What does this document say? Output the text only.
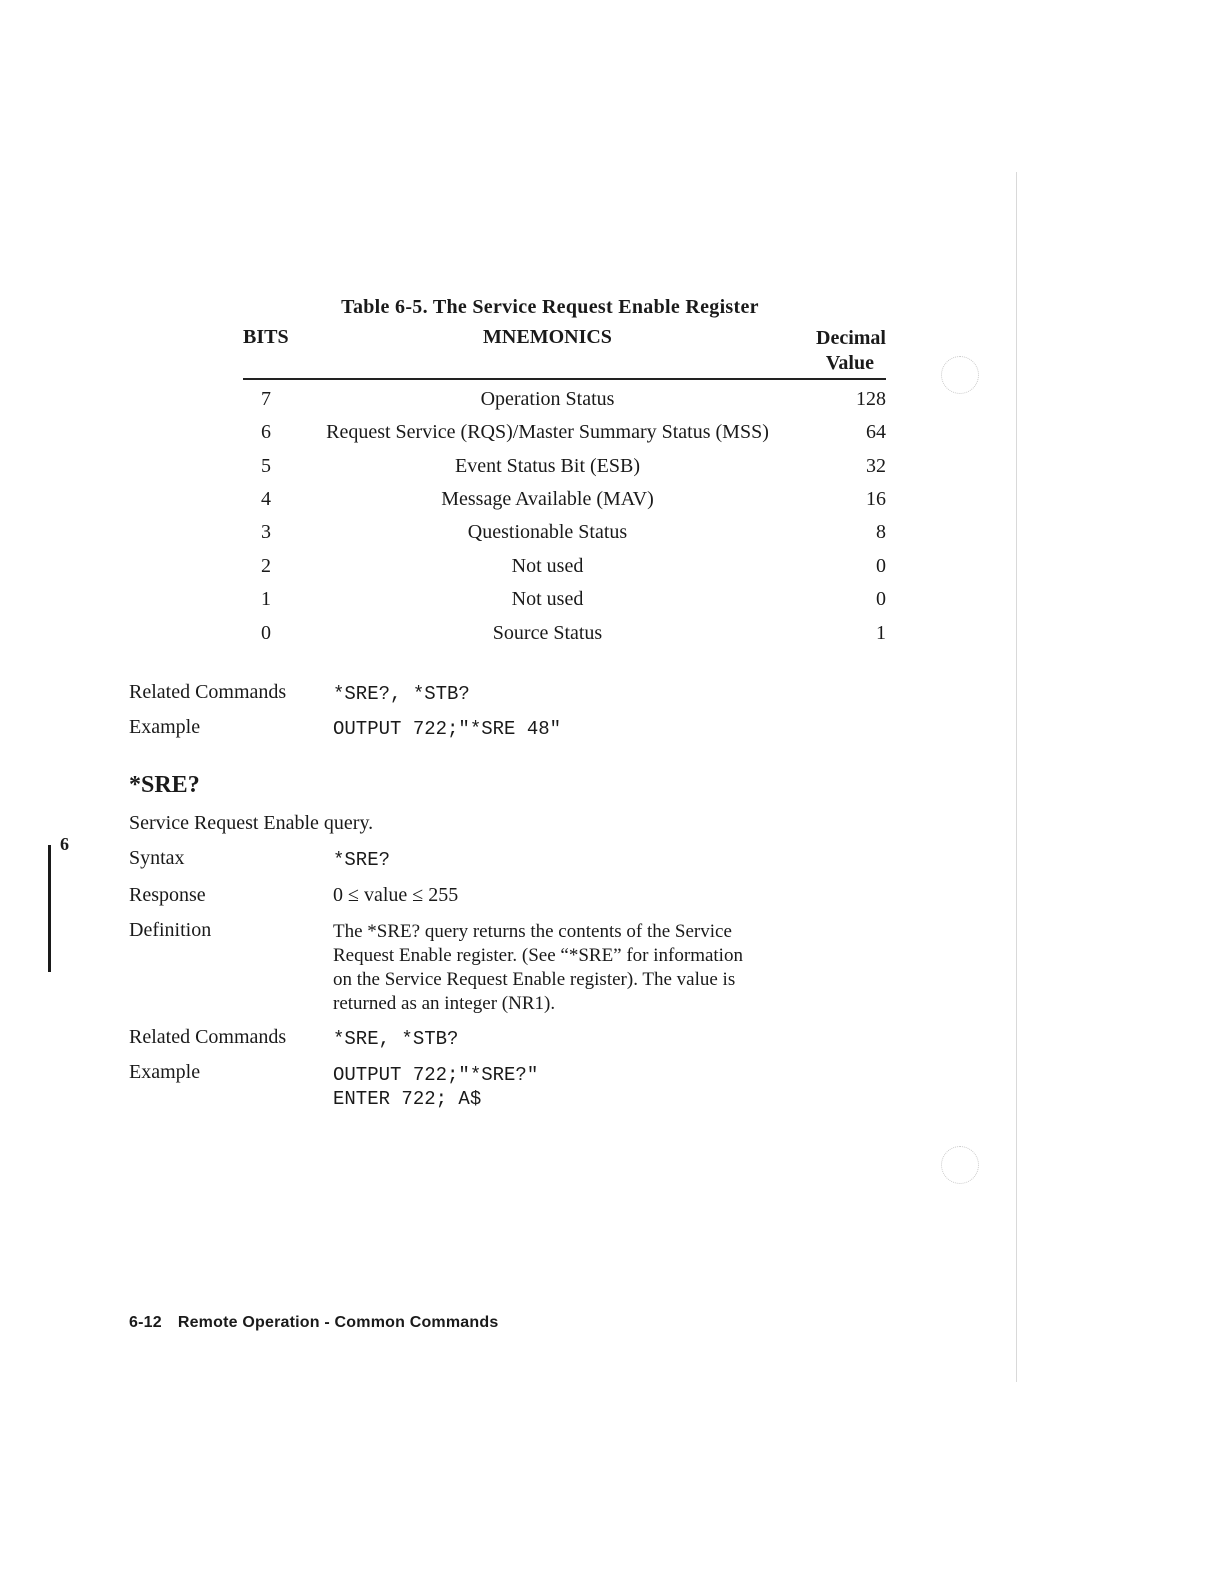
Table 6-5. The Service Request Enable Register
BITS	MNEMONICS	Decimal
Value
7	Operation Status	128
6	Request Service (RQS)/Master Summary Status (MSS)	64
5	Event Status Bit (ESB)	32
4	Message Available (MAV)	16
3	Questionable Status	8
2	Not used	0
1	Not used	0
0	Source Status	1
Related Commands *SRE?, *STB?
Example	OUTPUT 722;"*SRE 48"
*SRE?
Service Request Enable query.
6
Syntax	*SRE?
Response	0 ≤ value ≤ 255
Definition	The *SRE? query returns the contents of the Service
Request Enable register. (See “*SRE” for information
on the Service Request Enable register). The value is
returned as an integer (NR1).
Related Commands *SRE, *STB?
Example	OUTPUT 722;"*SRE?"
ENTER 722; A$
6-12 Remote Operation - Common Commands
